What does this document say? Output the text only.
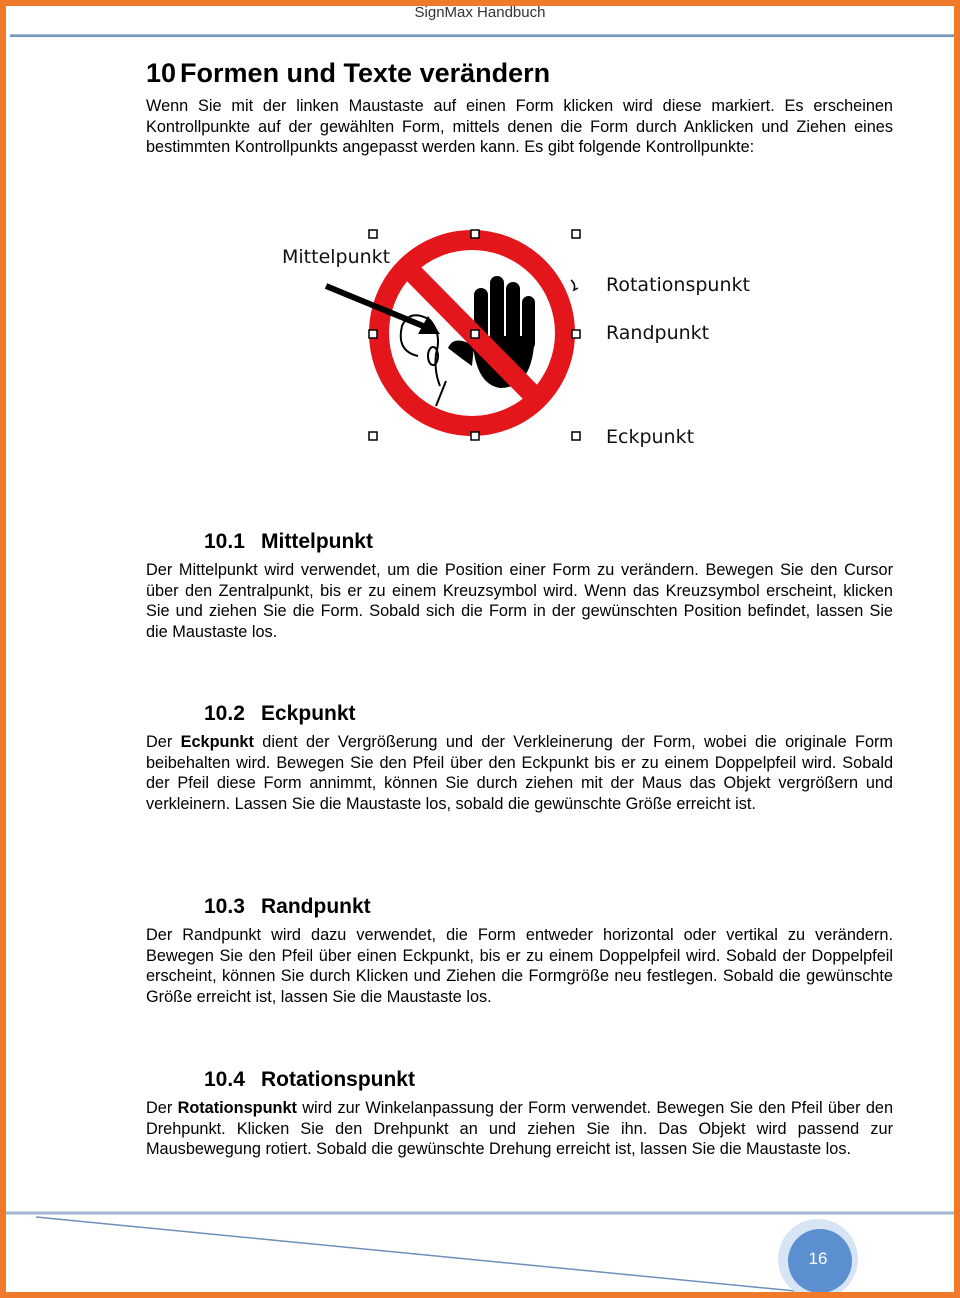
SignMax Handbuch
10 Formen und Texte verändern

Wenn Sie mit der linken Maustaste auf einen Form klicken wird diese markiert. Es erscheinen Kontrollpunkte auf der gewählten Form, mittels denen die Form durch Anklicken und Ziehen eines bestimmten Kontrollpunkts angepasst werden kann. Es gibt folgende Kontrollpunkte:

Mittelpunkt
Rotationspunkt
Randpunkt
Eckpunkt
10.1 Mittelpunkt

Der Mittelpunkt wird verwendet, um die Position einer Form zu verändern. Bewegen Sie den Cursor über den Zentralpunkt, bis er zu einem Kreuzsymbol wird. Wenn das Kreuzsymbol erscheint, klicken Sie und ziehen Sie die Form. Sobald sich die Form in der gewünschten Position befindet, lassen Sie die Maustaste los.

10.2 Eckpunkt

Der Eckpunkt dient der Vergrößerung und der Verkleinerung der Form, wobei die originale Form beibehalten wird. Bewegen Sie den Pfeil über den Eckpunkt bis er zu einem Doppelpfeil wird. Sobald der Pfeil diese Form annimmt, können Sie durch ziehen mit der Maus das Objekt vergrößern und verkleinern. Lassen Sie die Maustaste los, sobald die gewünschte Größe erreicht ist.

10.3 Randpunkt

Der Randpunkt wird dazu verwendet, die Form entweder horizontal oder vertikal zu verändern. Bewegen Sie den Pfeil über einen Eckpunkt, bis er zu einem Doppelpfeil wird. Sobald der Doppelpfeil erscheint, können Sie durch Klicken und Ziehen die Formgröße neu festlegen. Sobald die gewünschte Größe erreicht ist, lassen Sie die Maustaste los.

10.4 Rotationspunkt

Der Rotationspunkt wird zur Winkelanpassung der Form verwendet. Bewegen Sie den Pfeil über den Drehpunkt. Klicken Sie den Drehpunkt an und ziehen Sie ihn. Das Objekt wird passend zur Mausbewegung rotiert. Sobald die gewünschte Drehung erreicht ist, lassen Sie die Maustaste los.

16
